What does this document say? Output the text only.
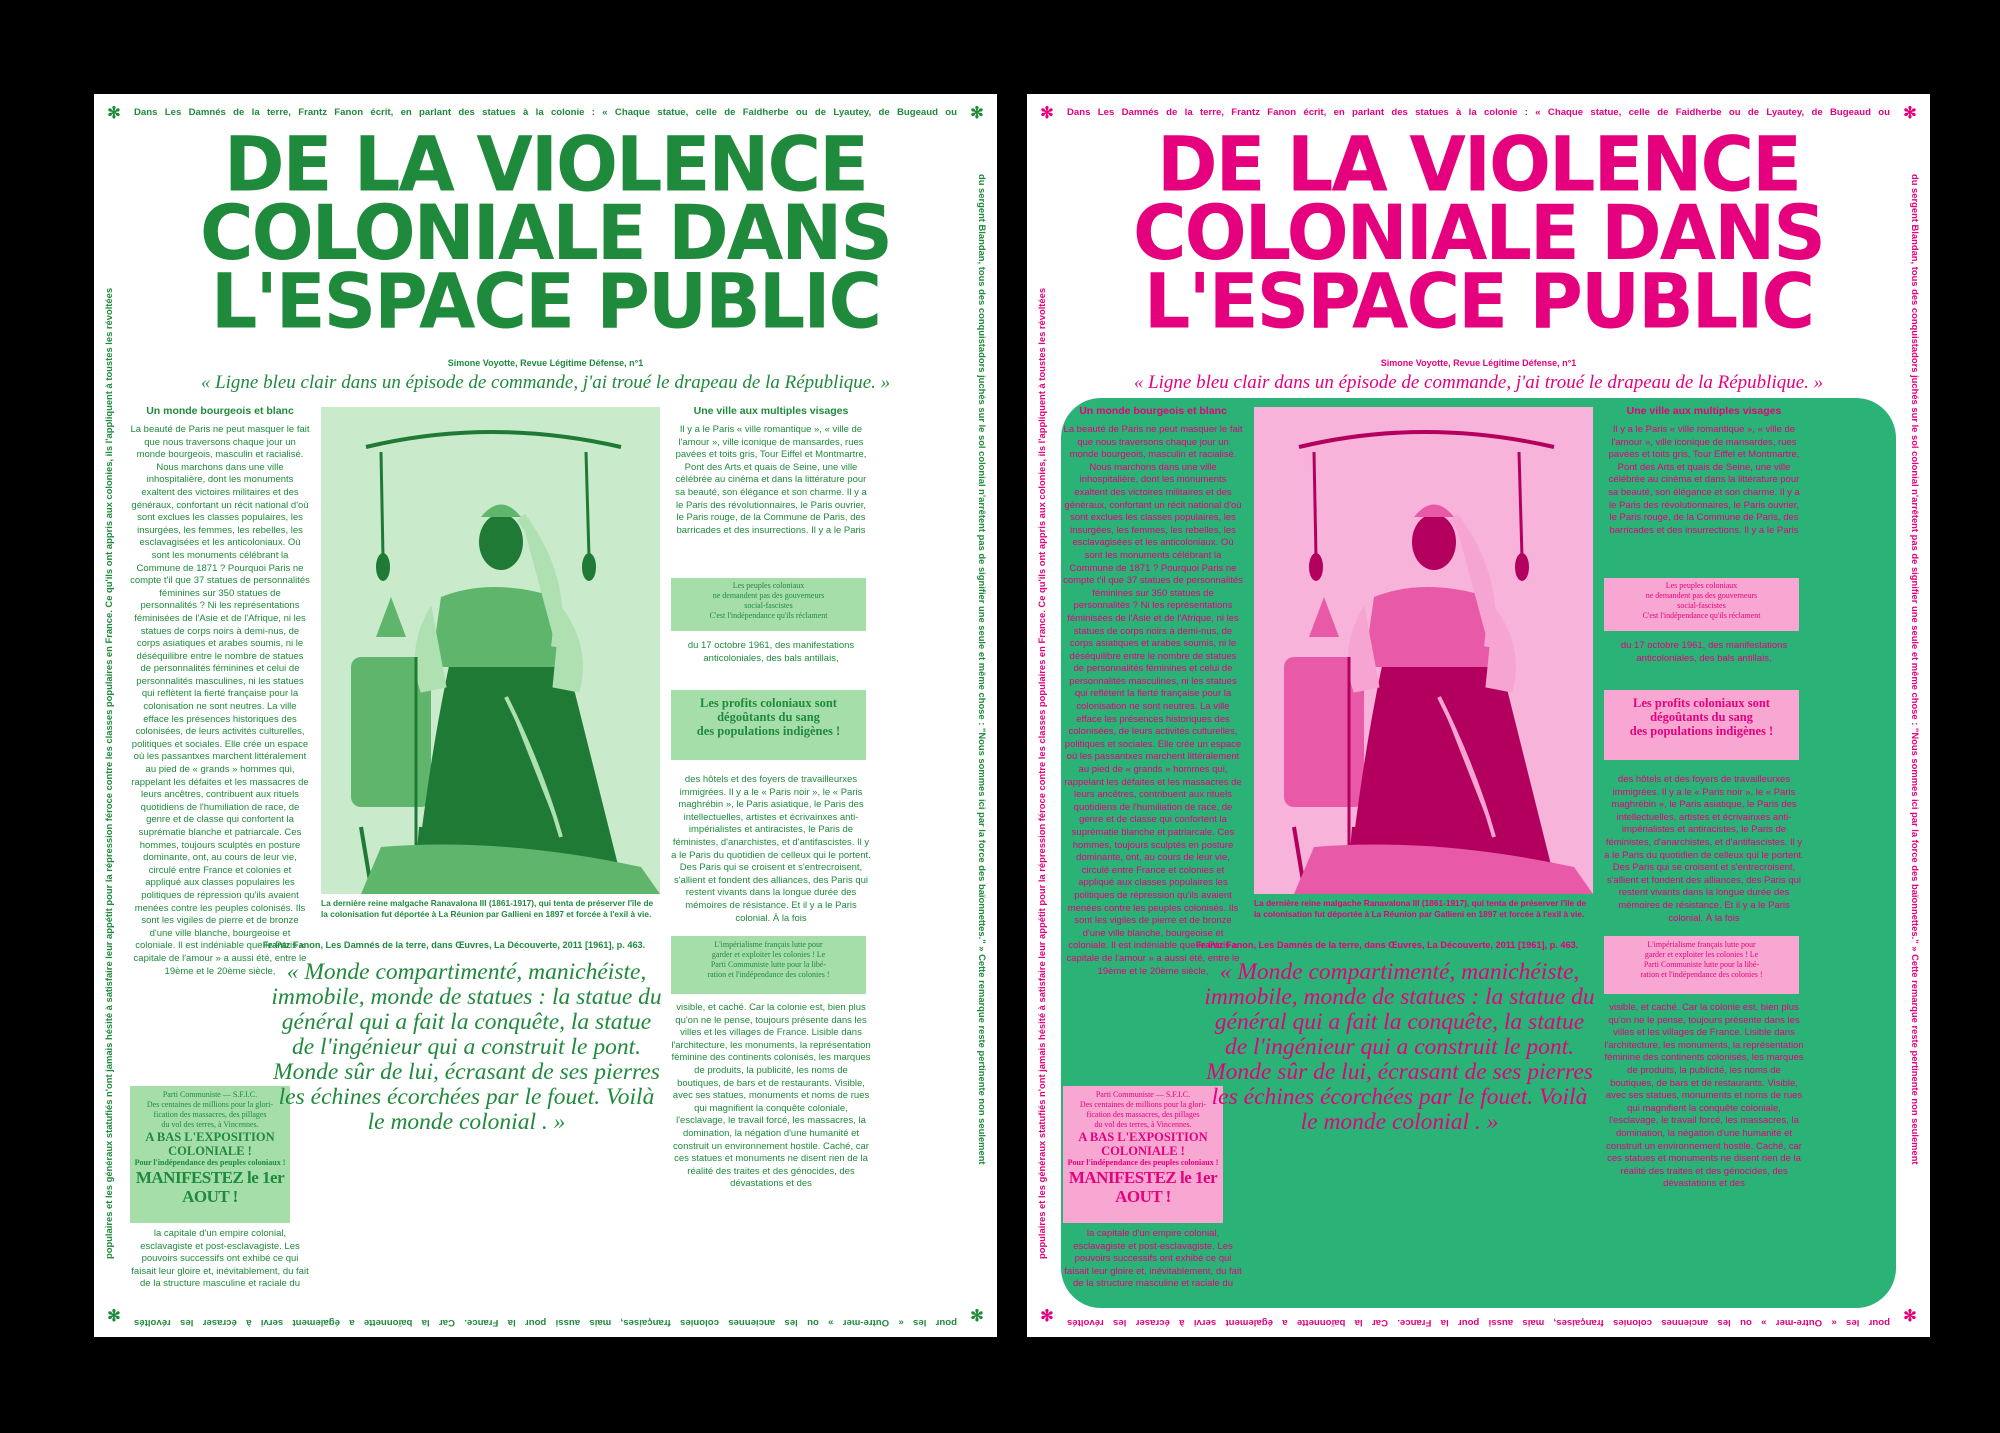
✻	✻
✻	✻
Dans Les Damnés de la terre, Frantz Fanon écrit, en parlant des statues à la colonie : « Chaque statue, celle de Faidherbe ou de Lyautey, de Bugeaud ou
du sergent Blandan, tous des conquistadors juchés sur le sol colonial n'arrêtent pas de signifier une seule et même chose : "Nous sommes ici par la force des baïonnettes." » Cette remarque reste pertinente non seulement
populaires et les généraux statufiés n'ont jamais hésité à satisfaire leur appétit pour la répression féroce contre les classes populaires en France. Ce qu'ils ont appris aux colonies, ils l'appliquent à toustes les révoltées
pour les « Outre-mer » ou les anciennes colonies françaises, mais aussi pour la France. Car la baïonnette a également servi à écraser les révoltés
DE LA VIOLENCE
COLONIALE DANS
L'ESPACE PUBLIC
Simone Voyotte, Revue Légitime Défense, n°1
« Ligne bleu clair dans un épisode de commande, j'ai troué le drapeau de la République. »
Un monde bourgeois et blanc
La beauté de Paris ne peut masquer le fait que nous traversons chaque jour un monde bourgeois, masculin et racialisé. Nous marchons dans une ville inhospitalière, dont les monuments exaltent des victoires militaires et des généraux, confortant un récit national d'où sont exclues les classes populaires, les insurgées, les femmes, les rebelles, les esclavagisées et les anticoloniaux. Où sont les monuments célébrant la Commune de 1871 ? Pourquoi Paris ne compte t'il que 37 statues de personnalités féminines sur 350 statues de personnalités ? Ni les représentations féminisées de l'Asie et de l'Afrique, ni les statues de corps noirs à demi-nus, de corps asiatiques et arabes soumis, ni le déséquilibre entre le nombre de statues de personnalités féminines et celui de personnalités masculines, ni les statues qui reflètent la fierté française pour la colonisation ne sont neutres. La ville efface les présences historiques des colonisées, de leurs activités culturelles, politiques et sociales. Elle crée un espace où les passantxes marchent littéralement au pied de « grands » hommes qui, rappelant les défaites et les massacres de leurs ancêtres, contribuent aux rituels quotidiens de l'humiliation de race, de genre et de classe qui confortent la suprématie blanche et patriarcale. Ces hommes, toujours sculptés en posture dominante, ont, au cours de leur vie, circulé entre France et colonies et appliqué aux classes populaires les politiques de répression qu'ils avaient menées contre les peuples colonisés. Ils sont les vigiles de pierre et de bronze d'une ville blanche, bourgeoise et coloniale. Il est indéniable que le Paris « capitale de l'amour » a aussi été, entre le 19ème et le 20ème siècle,
Parti Communiste — S.F.I.C.
Des centaines de millions pour la glori-
fication des massacres, des pillages
du vol des terres, à Vincennes.
A BAS L'EXPOSITION COLONIALE !
Pour l'indépendance des peuples coloniaux !
MANIFESTEZ le 1er AOUT !
la capitale d'un empire colonial, esclavagiste et post-esclavagiste. Les pouvoirs successifs ont exhibé ce qui faisait leur gloire et, inévitablement, du fait de la structure masculine et raciale du
La dernière reine malgache Ranavalona III (1861-1917), qui tenta de préserver l'île de la colonisation fut déportée à La Réunion par Gallieni en 1897 et forcée à l'exil à vie.
Une ville aux multiples visages
Il y a le Paris « ville romantique », « ville de l'amour », ville iconique de mansardes, rues pavées et toits gris, Tour Eiffel et Montmartre, Pont des Arts et quais de Seine, une ville célébrée au cinéma et dans la littérature pour sa beauté, son élégance et son charme. Il y a le Paris des révolutionnaires, le Paris ouvrier, le Paris rouge, de la Commune de Paris, des barricades et des insurrections. Il y a le Paris
Les peuples coloniaux
ne demandent pas des gouverneurs
social-fascistes
C'est l'indépendance qu'ils réclament
du 17 octobre 1961, des manifestations anticoloniales, des bals antillais,
Les profits coloniaux sont
dégoûtants du sang
des populations indigènes !
des hôtels et des foyers de travailleurxes immigrées. Il y a le « Paris noir », le « Paris maghrébin », le Paris asiatique, le Paris des intellectuelles, artistes et écrivainxes anti-impérialistes et antiracistes, le Paris de féministes, d'anarchistes, et d'antifascistes. Il y a le Paris du quotidien de celleux qui le portent. Des Paris qui se croisent et s'entrecroisent, s'allient et fondent des alliances, des Paris qui restent vivants dans la longue durée des mémoires de résistance. Et il y a le Paris colonial. À la fois
L'impérialisme français lutte pour
garder et exploiter les colonies ! Le
Parti Communiste lutte pour la libé-
ration et l'indépendance des colonies !
visible, et caché. Car la colonie est, bien plus qu'on ne le pense, toujours présente dans les villes et les villages de France. Lisible dans l'architecture, les monuments, la représentation féminine des continents colonisés, les marques de produits, la publicité, les noms de boutiques, de bars et de restaurants. Visible, avec ses statues, monuments et noms de rues qui magnifient la conquête coloniale, l'esclavage, le travail forcé, les massacres, la domination, la négation d'une humanité et construit un environnement hostile. Caché, car ces statues et monuments ne disent rien de la réalité des traites et des génocides, des dévastations et des
Frantz Fanon, Les Damnés de la terre, dans Œuvres, La Découverte, 2011 [1961], p. 463.
« Monde compartimenté, manichéiste, immobile, monde de statues : la statue du général qui a fait la conquête, la statue de l'ingénieur qui a construit le pont. Monde sûr de lui, écrasant de ses pierres les échines écorchées par le fouet. Voilà le monde colonial . »
✻	✻
✻	✻
Dans Les Damnés de la terre, Frantz Fanon écrit, en parlant des statues à la colonie : « Chaque statue, celle de Faidherbe ou de Lyautey, de Bugeaud ou
du sergent Blandan, tous des conquistadors juchés sur le sol colonial n'arrêtent pas de signifier une seule et même chose : "Nous sommes ici par la force des baïonnettes." » Cette remarque reste pertinente non seulement
populaires et les généraux statufiés n'ont jamais hésité à satisfaire leur appétit pour la répression féroce contre les classes populaires en France. Ce qu'ils ont appris aux colonies, ils l'appliquent à toustes les révoltées
pour les « Outre-mer » ou les anciennes colonies françaises, mais aussi pour la France. Car la baïonnette a également servi à écraser les révoltés
DE LA VIOLENCE
COLONIALE DANS
L'ESPACE PUBLIC
Simone Voyotte, Revue Légitime Défense, n°1
« Ligne bleu clair dans un épisode de commande, j'ai troué le drapeau de la République. »
Un monde bourgeois et blanc
La beauté de Paris ne peut masquer le fait que nous traversons chaque jour un monde bourgeois, masculin et racialisé. Nous marchons dans une ville inhospitalière, dont les monuments exaltent des victoires militaires et des généraux, confortant un récit national d'où sont exclues les classes populaires, les insurgées, les femmes, les rebelles, les esclavagisées et les anticoloniaux. Où sont les monuments célébrant la Commune de 1871 ? Pourquoi Paris ne compte t'il que 37 statues de personnalités féminines sur 350 statues de personnalités ? Ni les représentations féminisées de l'Asie et de l'Afrique, ni les statues de corps noirs à demi-nus, de corps asiatiques et arabes soumis, ni le déséquilibre entre le nombre de statues de personnalités féminines et celui de personnalités masculines, ni les statues qui reflètent la fierté française pour la colonisation ne sont neutres. La ville efface les présences historiques des colonisées, de leurs activités culturelles, politiques et sociales. Elle crée un espace où les passantxes marchent littéralement au pied de « grands » hommes qui, rappelant les défaites et les massacres de leurs ancêtres, contribuent aux rituels quotidiens de l'humiliation de race, de genre et de classe qui confortent la suprématie blanche et patriarcale. Ces hommes, toujours sculptés en posture dominante, ont, au cours de leur vie, circulé entre France et colonies et appliqué aux classes populaires les politiques de répression qu'ils avaient menées contre les peuples colonisés. Ils sont les vigiles de pierre et de bronze d'une ville blanche, bourgeoise et coloniale. Il est indéniable que le Paris « capitale de l'amour » a aussi été, entre le 19ème et le 20ème siècle,
Parti Communiste — S.F.I.C.
Des centaines de millions pour la glori-
fication des massacres, des pillages
du vol des terres, à Vincennes.
A BAS L'EXPOSITION COLONIALE !
Pour l'indépendance des peuples coloniaux !
MANIFESTEZ le 1er AOUT !
la capitale d'un empire colonial, esclavagiste et post-esclavagiste. Les pouvoirs successifs ont exhibé ce qui faisait leur gloire et, inévitablement, du fait de la structure masculine et raciale du
La dernière reine malgache Ranavalona III (1861-1917), qui tenta de préserver l'île de la colonisation fut déportée à La Réunion par Gallieni en 1897 et forcée à l'exil à vie.
Une ville aux multiples visages
Il y a le Paris « ville romantique », « ville de l'amour », ville iconique de mansardes, rues pavées et toits gris, Tour Eiffel et Montmartre, Pont des Arts et quais de Seine, une ville célébrée au cinéma et dans la littérature pour sa beauté, son élégance et son charme. Il y a le Paris des révolutionnaires, le Paris ouvrier, le Paris rouge, de la Commune de Paris, des barricades et des insurrections. Il y a le Paris
Les peuples coloniaux
ne demandent pas des gouverneurs
social-fascistes
C'est l'indépendance qu'ils réclament
du 17 octobre 1961, des manifestations anticoloniales, des bals antillais,
Les profits coloniaux sont
dégoûtants du sang
des populations indigènes !
des hôtels et des foyers de travailleurxes immigrées. Il y a le « Paris noir », le « Paris maghrébin », le Paris asiatique, le Paris des intellectuelles, artistes et écrivainxes anti-impérialistes et antiracistes, le Paris de féministes, d'anarchistes, et d'antifascistes. Il y a le Paris du quotidien de celleux qui le portent. Des Paris qui se croisent et s'entrecroisent, s'allient et fondent des alliances, des Paris qui restent vivants dans la longue durée des mémoires de résistance. Et il y a le Paris colonial. À la fois
L'impérialisme français lutte pour
garder et exploiter les colonies ! Le
Parti Communiste lutte pour la libé-
ration et l'indépendance des colonies !
visible, et caché. Car la colonie est, bien plus qu'on ne le pense, toujours présente dans les villes et les villages de France. Lisible dans l'architecture, les monuments, la représentation féminine des continents colonisés, les marques de produits, la publicité, les noms de boutiques, de bars et de restaurants. Visible, avec ses statues, monuments et noms de rues qui magnifient la conquête coloniale, l'esclavage, le travail forcé, les massacres, la domination, la négation d'une humanité et construit un environnement hostile. Caché, car ces statues et monuments ne disent rien de la réalité des traites et des génocides, des dévastations et des
Frantz Fanon, Les Damnés de la terre, dans Œuvres, La Découverte, 2011 [1961], p. 463.
« Monde compartimenté, manichéiste, immobile, monde de statues : la statue du général qui a fait la conquête, la statue de l'ingénieur qui a construit le pont. Monde sûr de lui, écrasant de ses pierres les échines écorchées par le fouet. Voilà le monde colonial . »
